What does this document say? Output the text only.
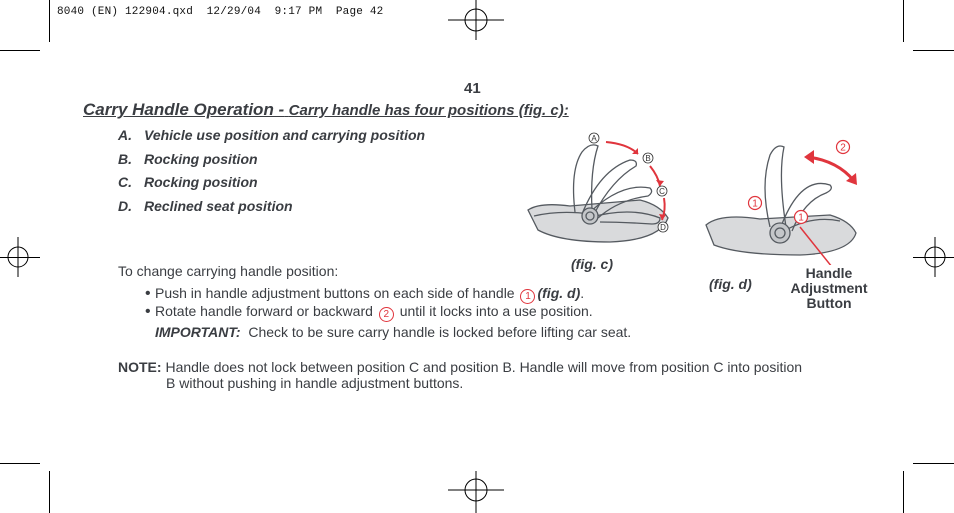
8040 (EN) 122904.qxd  12/29/04  9:17 PM  Page 42
41
Carry Handle Operation - Carry handle has four positions (fig. c):
A. Vehicle use position and carrying position
B. Rocking position
C. Rocking position
D. Reclined seat position
To change carrying handle position:
• Push in handle adjustment buttons on each side of handle 1 (fig. d).
• Rotate handle forward or backward 2 until it locks into a use position.
IMPORTANT: Check to be sure carry handle is locked before lifting car seat.
NOTE: Handle does not lock between position C and position B. Handle will move from position C into position
B without pushing in handle adjustment buttons.
A
B
C
D
2
1
1
(fig. c)
(fig. d)
Handle
Adjustment
Button
